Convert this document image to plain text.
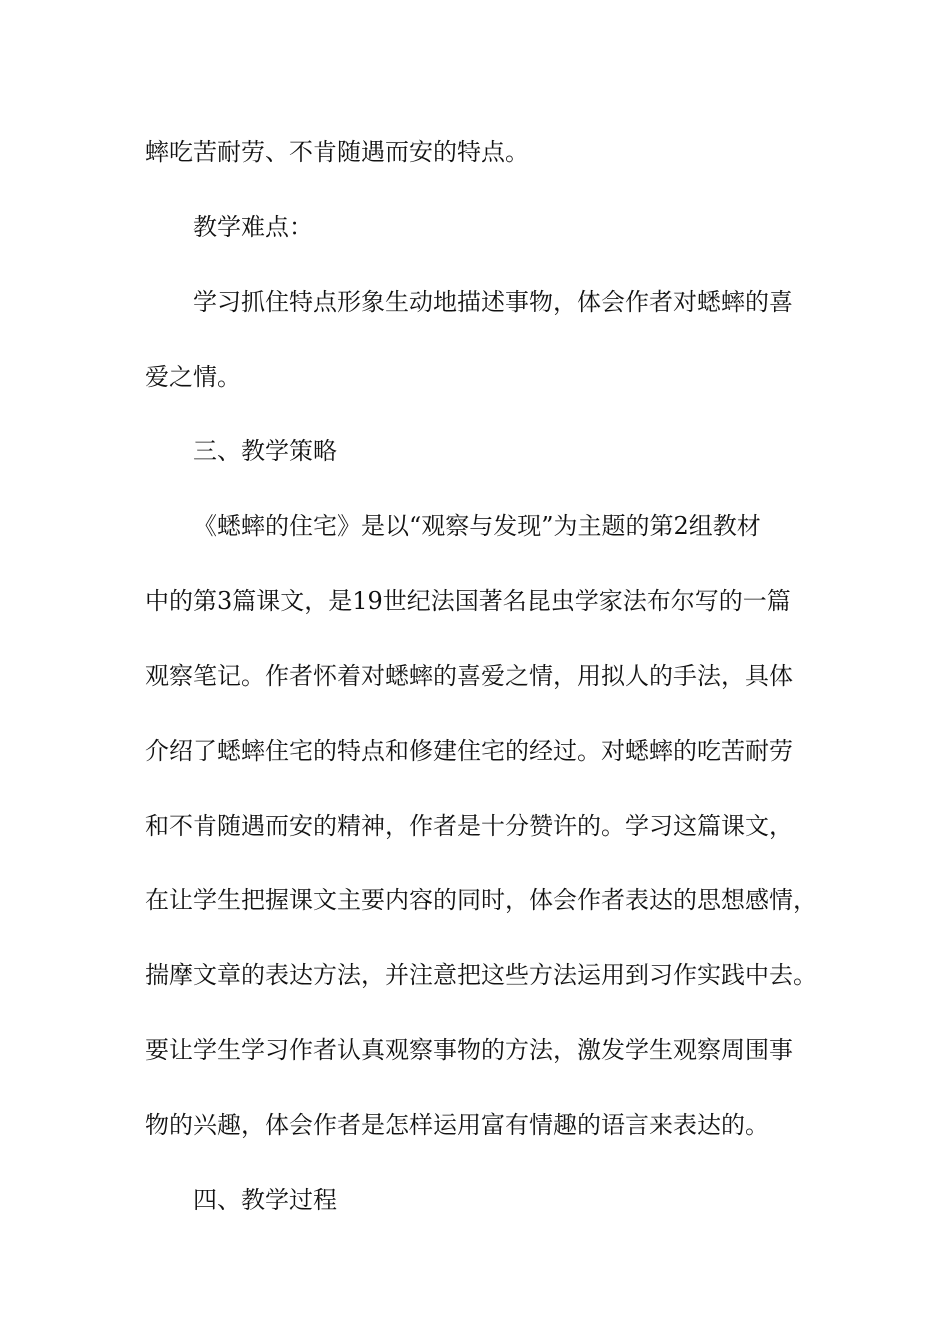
蟀吃苦耐劳、不肯随遇而安的特点。
教学难点：
学习抓住特点形象生动地描述事物，体会作者对蟋蟀的喜
爱之情。
三、教学策略
《蟋蟀的住宅》是以“观察与发现”为主题的第2组教材
中的第3篇课文，是19世纪法国著名昆虫学家法布尔写的一篇
观察笔记。作者怀着对蟋蟀的喜爱之情，用拟人的手法，具体
介绍了蟋蟀住宅的特点和修建住宅的经过。对蟋蟀的吃苦耐劳
和不肯随遇而安的精神，作者是十分赞许的。学习这篇课文，
在让学生把握课文主要内容的同时，体会作者表达的思想感情，
揣摩文章的表达方法，并注意把这些方法运用到习作实践中去。
要让学生学习作者认真观察事物的方法，激发学生观察周围事
物的兴趣，体会作者是怎样运用富有情趣的语言来表达的。
四、教学过程
